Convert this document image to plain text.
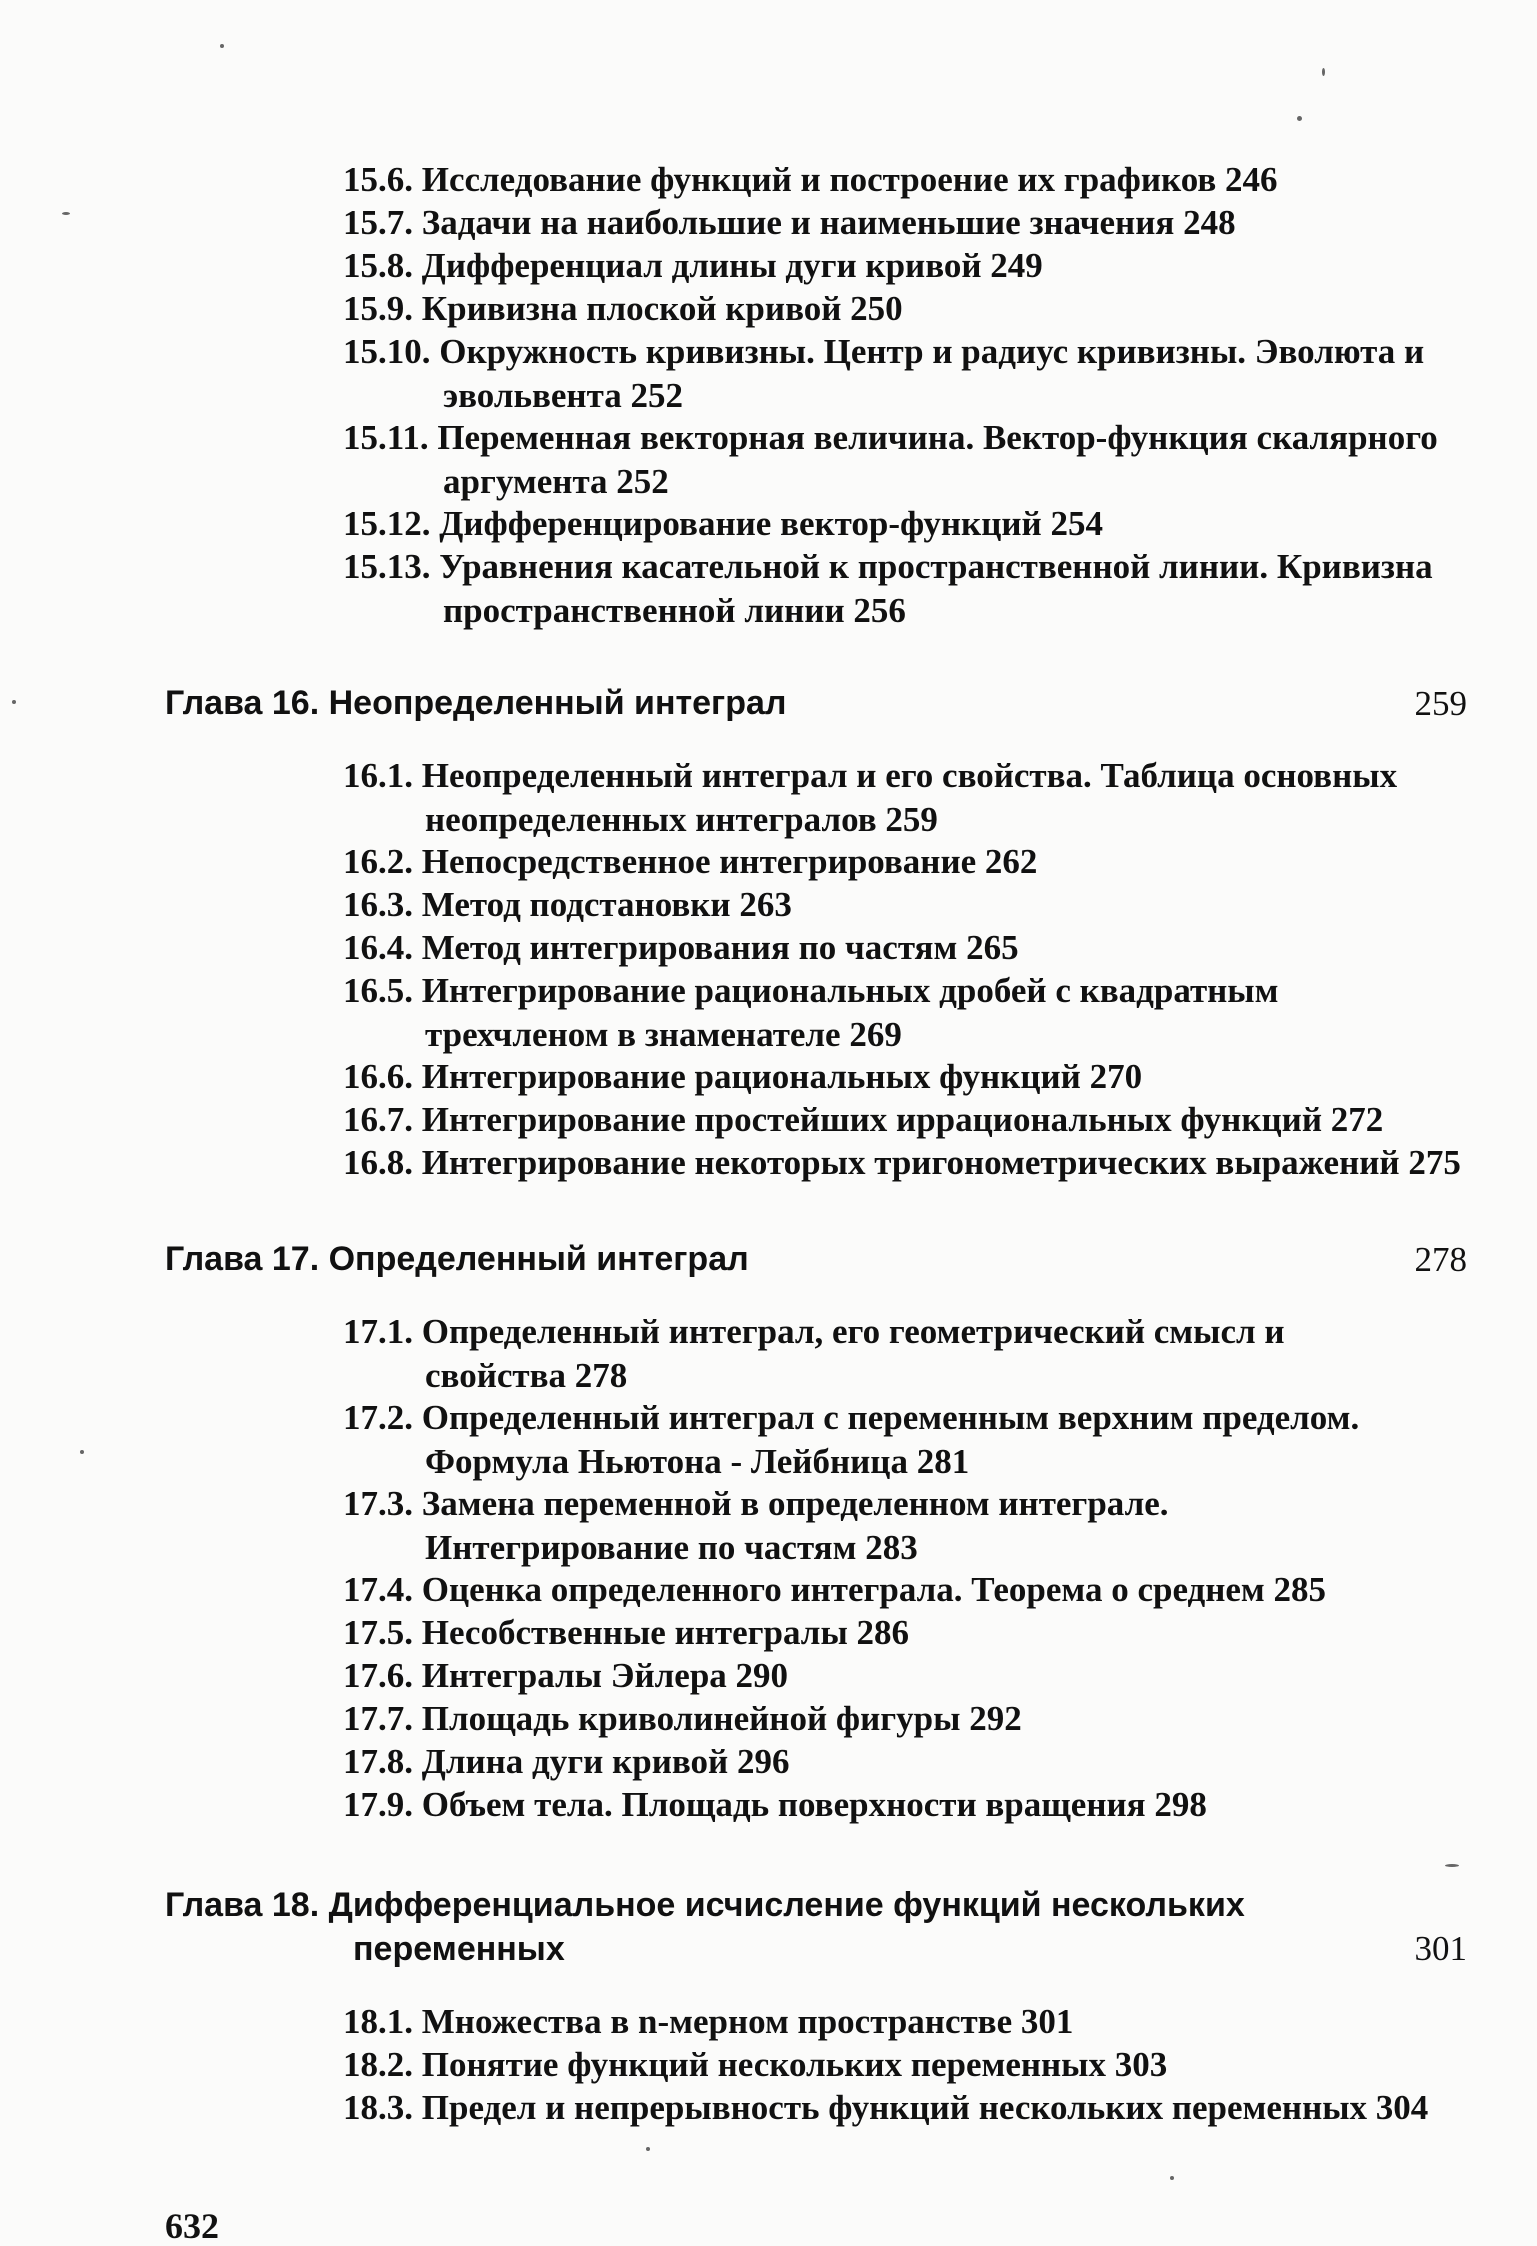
15.6. Исследование функций и построение их графиков 246
15.7. Задачи на наибольшие и наименьшие значения 248
15.8. Дифференциал длины дуги кривой 249
15.9. Кривизна плоской кривой 250
15.10. Окружность кривизны. Центр и радиус кривизны. Эволюта и
эвольвента 252
15.11. Переменная векторная величина. Вектор-функция скалярного
аргумента 252
15.12. Дифференцирование вектор-функций 254
15.13. Уравнения касательной к пространственной линии. Кривизна
пространственной линии 256
Глава 16. Неопределенный интеграл	259
16.1. Неопределенный интеграл и его свойства. Таблица основных
неопределенных интегралов 259
16.2. Непосредственное интегрирование 262
16.3. Метод подстановки 263
16.4. Метод интегрирования по частям 265
16.5. Интегрирование рациональных дробей с квадратным
трехчленом в знаменателе 269
16.6. Интегрирование рациональных функций 270
16.7. Интегрирование простейших иррациональных функций 272
16.8. Интегрирование некоторых тригонометрических выражений 275
Глава 17. Определенный интеграл	278
17.1. Определенный интеграл, его геометрический смысл и
свойства 278
17.2. Определенный интеграл с переменным верхним пределом.
Формула Ньютона - Лейбница 281
17.3. Замена переменной в определенном интеграле.
Интегрирование по частям 283
17.4. Оценка определенного интеграла. Теорема о среднем 285
17.5. Несобственные интегралы 286
17.6. Интегралы Эйлера 290
17.7. Площадь криволинейной фигуры 292
17.8. Длина дуги кривой 296
17.9. Объем тела. Площадь поверхности вращения 298
Глава 18. Дифференциальное исчисление функций нескольких
переменных	301
18.1. Множества в n-мерном пространстве 301
18.2. Понятие функций нескольких переменных 303
18.3. Предел и непрерывность функций нескольких переменных 304
632
